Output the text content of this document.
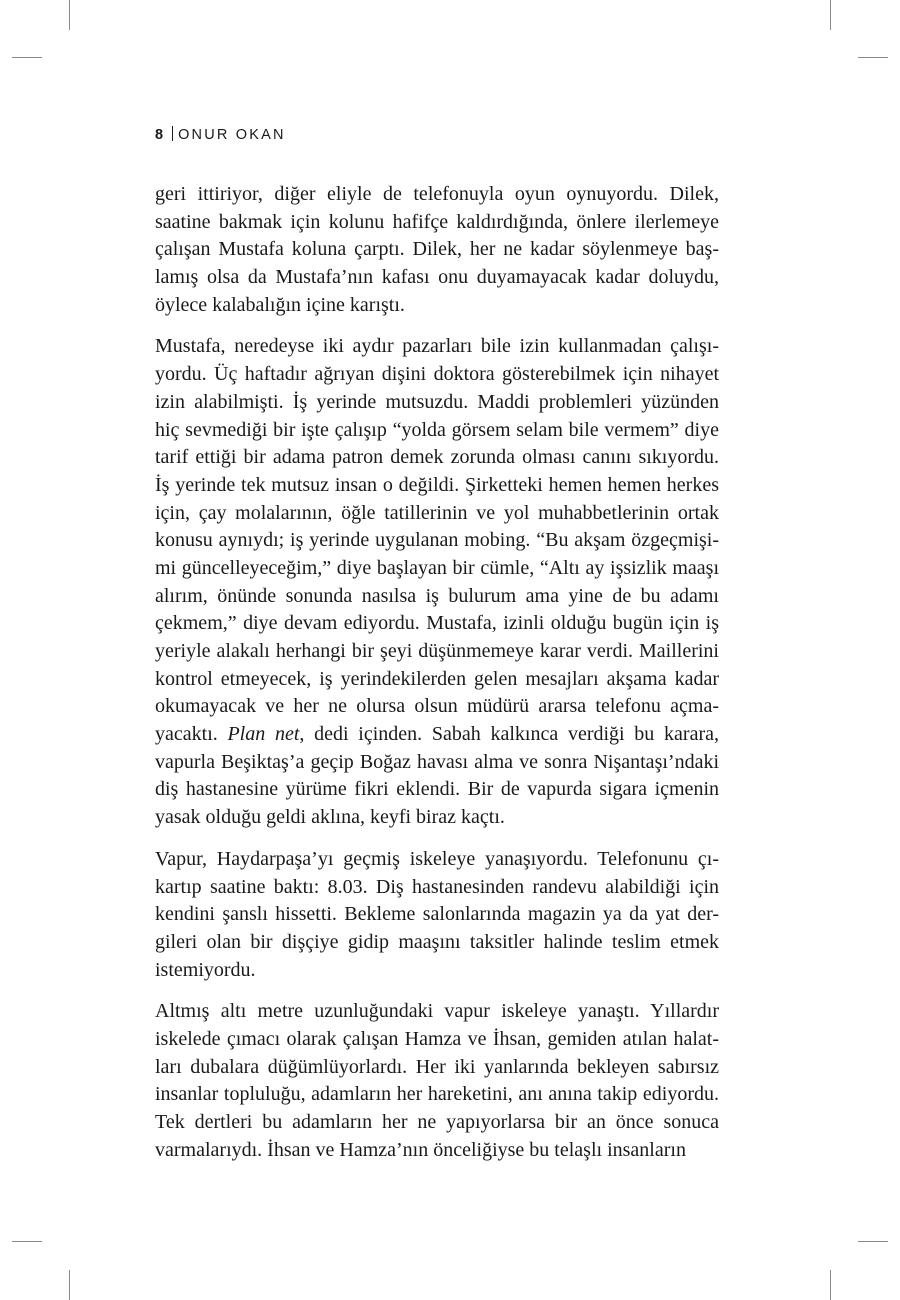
8 ONUR OKAN
geri ittiriyor, diğer eliyle de telefonuyla oyun oynuyordu. Dilek,
saatine bakmak için kolunu hafifçe kaldırdığında, önlere ilerlemeye
çalışan Mustafa koluna çarptı. Dilek, her ne kadar söylenmeye baş-
lamış olsa da Mustafa’nın kafası onu duyamayacak kadar doluydu,
öylece kalabalığın içine karıştı.
Mustafa, neredeyse iki aydır pazarları bile izin kullanmadan çalışı-
yordu. Üç haftadır ağrıyan dişini doktora gösterebilmek için nihayet
izin alabilmişti. İş yerinde mutsuzdu. Maddi problemleri yüzünden
hiç sevmediği bir işte çalışıp “yolda görsem selam bile vermem” diye
tarif ettiği bir adama patron demek zorunda olması canını sıkıyordu.
İş yerinde tek mutsuz insan o değildi. Şirketteki hemen hemen herkes
için, çay molalarının, öğle tatillerinin ve yol muhabbetlerinin ortak
konusu aynıydı; iş yerinde uygulanan mobing. “Bu akşam özgeçmişi-
mi güncelleyeceğim,” diye başlayan bir cümle, “Altı ay işsizlik maaşı
alırım, önünde sonunda nasılsa iş bulurum ama yine de bu adamı
çekmem,” diye devam ediyordu. Mustafa, izinli olduğu bugün için iş
yeriyle alakalı herhangi bir şeyi düşünmemeye karar verdi. Maillerini
kontrol etmeyecek, iş yerindekilerden gelen mesajları akşama kadar
okumayacak ve her ne olursa olsun müdürü ararsa telefonu açma-
yacaktı. Plan net, dedi içinden. Sabah kalkınca verdiği bu karara,
vapurla Beşiktaş’a geçip Boğaz havası alma ve sonra Nişantaşı’ndaki
diş hastanesine yürüme fikri eklendi. Bir de vapurda sigara içmenin
yasak olduğu geldi aklına, keyfi biraz kaçtı.
Vapur, Haydarpaşa’yı geçmiş iskeleye yanaşıyordu. Telefonunu çı-
kartıp saatine baktı: 8.03. Diş hastanesinden randevu alabildiği için
kendini şanslı hissetti. Bekleme salonlarında magazin ya da yat der-
gileri olan bir dişçiye gidip maaşını taksitler halinde teslim etmek
istemiyordu.
Altmış altı metre uzunluğundaki vapur iskeleye yanaştı. Yıllardır
iskelede çımacı olarak çalışan Hamza ve İhsan, gemiden atılan halat-
ları dubalara düğümlüyorlardı. Her iki yanlarında bekleyen sabırsız
insanlar topluluğu, adamların her hareketini, anı anına takip ediyordu.
Tek dertleri bu adamların her ne yapıyorlarsa bir an önce sonuca
varmalarıydı. İhsan ve Hamza’nın önceliğiyse bu telaşlı insanların
